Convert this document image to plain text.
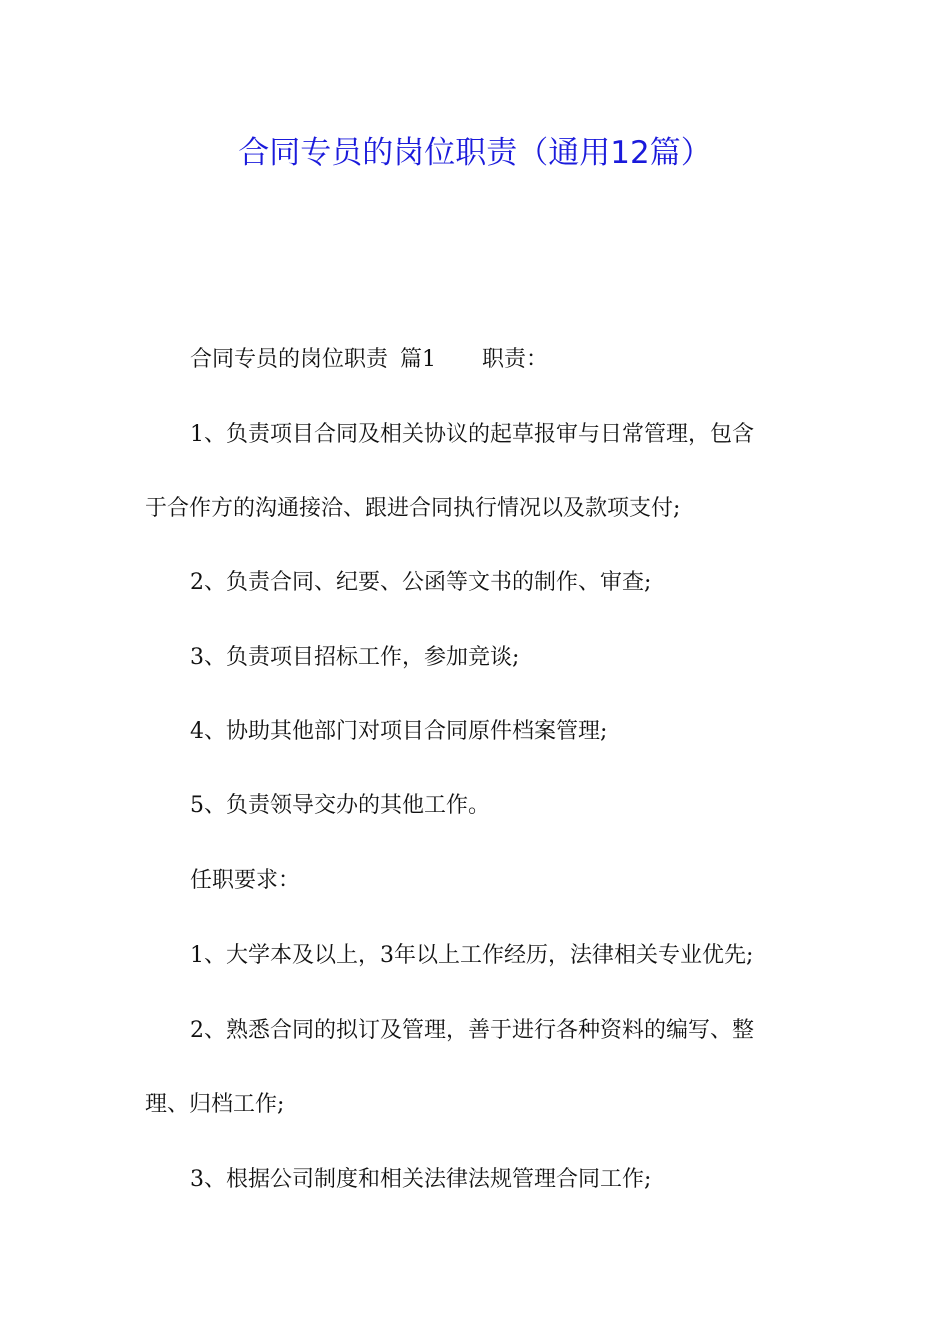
合同专员的岗位职责（通用12篇）
合同专员的岗位职责 篇1 职责：
1、负责项目合同及相关协议的起草报审与日常管理，包含
于合作方的沟通接洽、跟进合同执行情况以及款项支付;
2、负责合同、纪要、公函等文书的制作、审查;
3、负责项目招标工作，参加竞谈;
4、协助其他部门对项目合同原件档案管理;
5、负责领导交办的其他工作。
任职要求：
1、大学本及以上，3年以上工作经历，法律相关专业优先;
2、熟悉合同的拟订及管理，善于进行各种资料的编写、整
理、归档工作;
3、根据公司制度和相关法律法规管理合同工作;
